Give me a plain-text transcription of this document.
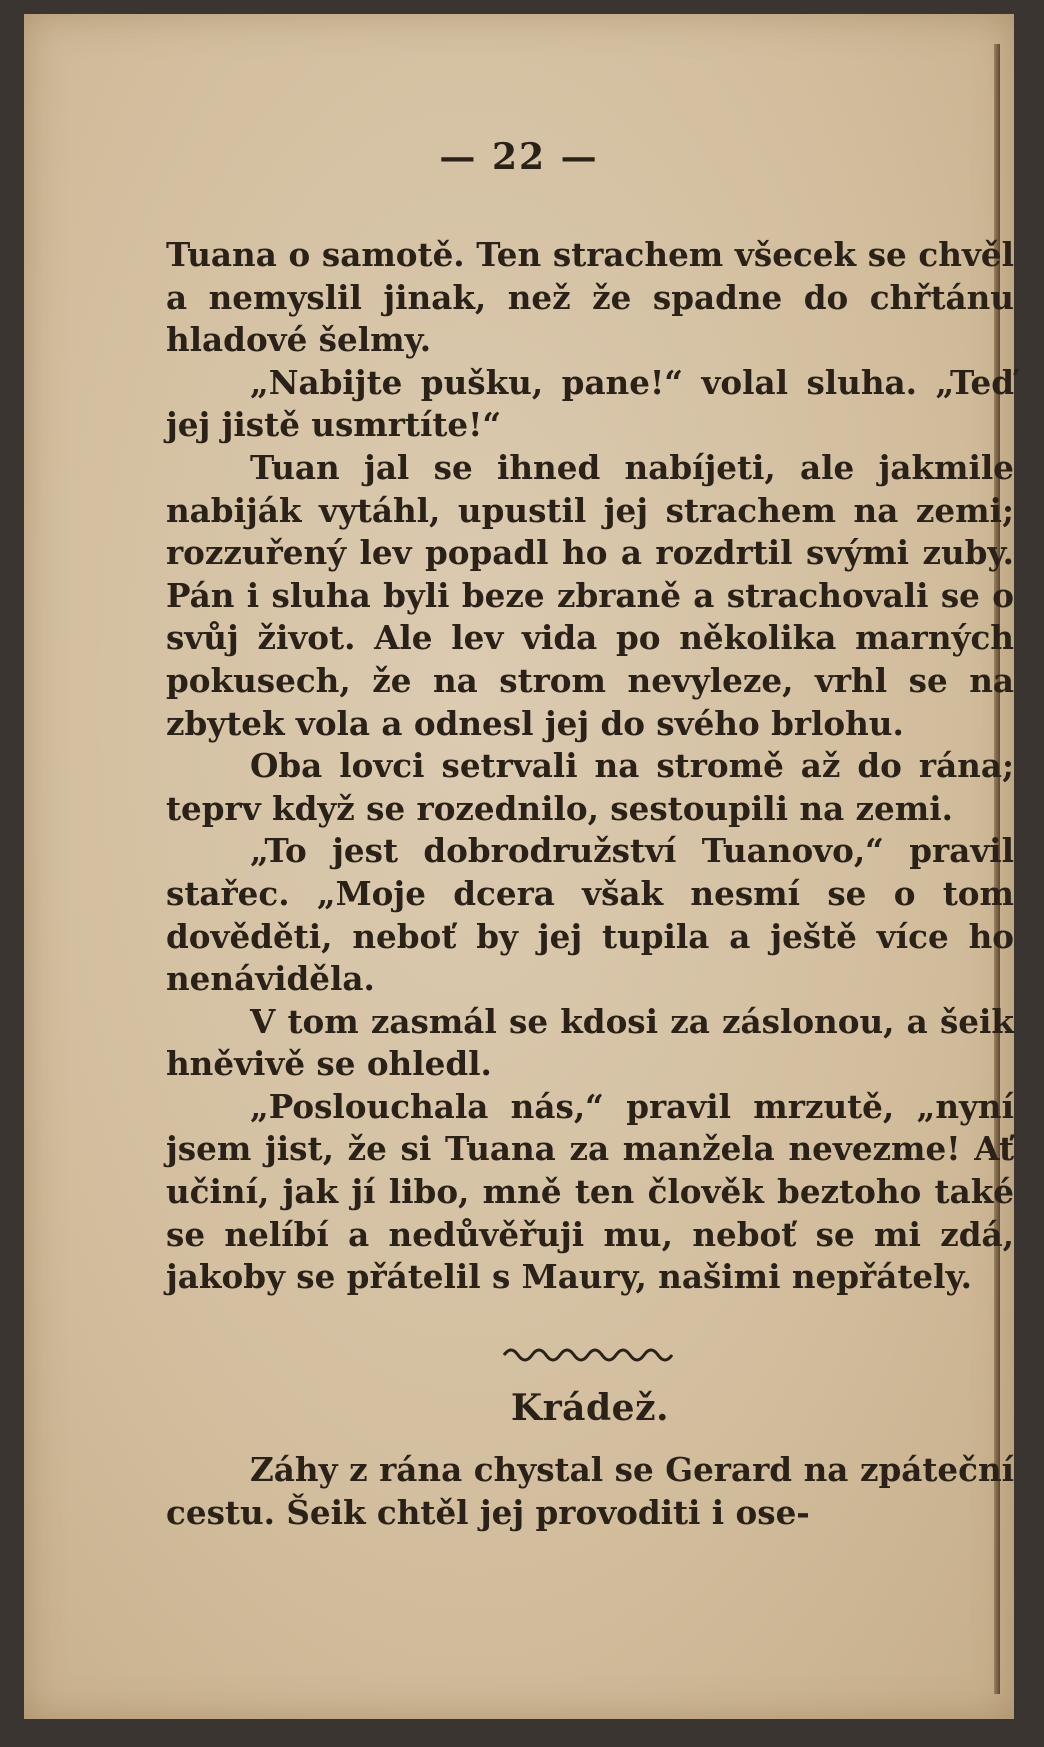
— 22 —

Tuana o samotě. Ten strachem všecek se chvěl a nemyslil jinak, než že spadne do chřtánu hladové šelmy.

„Nabijte pušku, pane!“ volal sluha. „Teď jej jistě usmrtíte!“

Tuan jal se ihned nabíjeti, ale jakmile nabiják vytáhl, upustil jej strachem na zemi; rozzuřený lev popadl ho a rozdrtil svými zuby. Pán i sluha byli beze zbraně a strachovali se o svůj život. Ale lev vida po několika marných pokusech, že na strom nevyleze, vrhl se na zbytek vola a odnesl jej do svého brlohu.

Oba lovci setrvali na stromě až do rána; teprv když se rozednilo, sestoupili na zemi.

„To jest dobrodružství Tuanovo,“ pravil stařec. „Moje dcera však nesmí se o tom dověděti, neboť by jej tupila a ještě více ho nenáviděla.

V tom zasmál se kdosi za záslonou, a šeik hněvivě se ohledl.

„Poslouchala nás,“ pravil mrzutě, „nyní jsem jist, že si Tuana za manžela nevezme! Ať učiní, jak jí libo, mně ten člověk beztoho také se nelíbí a nedůvěřuji mu, neboť se mi zdá, jakoby se přátelil s Maury, našimi nepřátely.

Krádež.

Záhy z rána chystal se Gerard na zpáteční cestu. Šeik chtěl jej provoditi i ose-
